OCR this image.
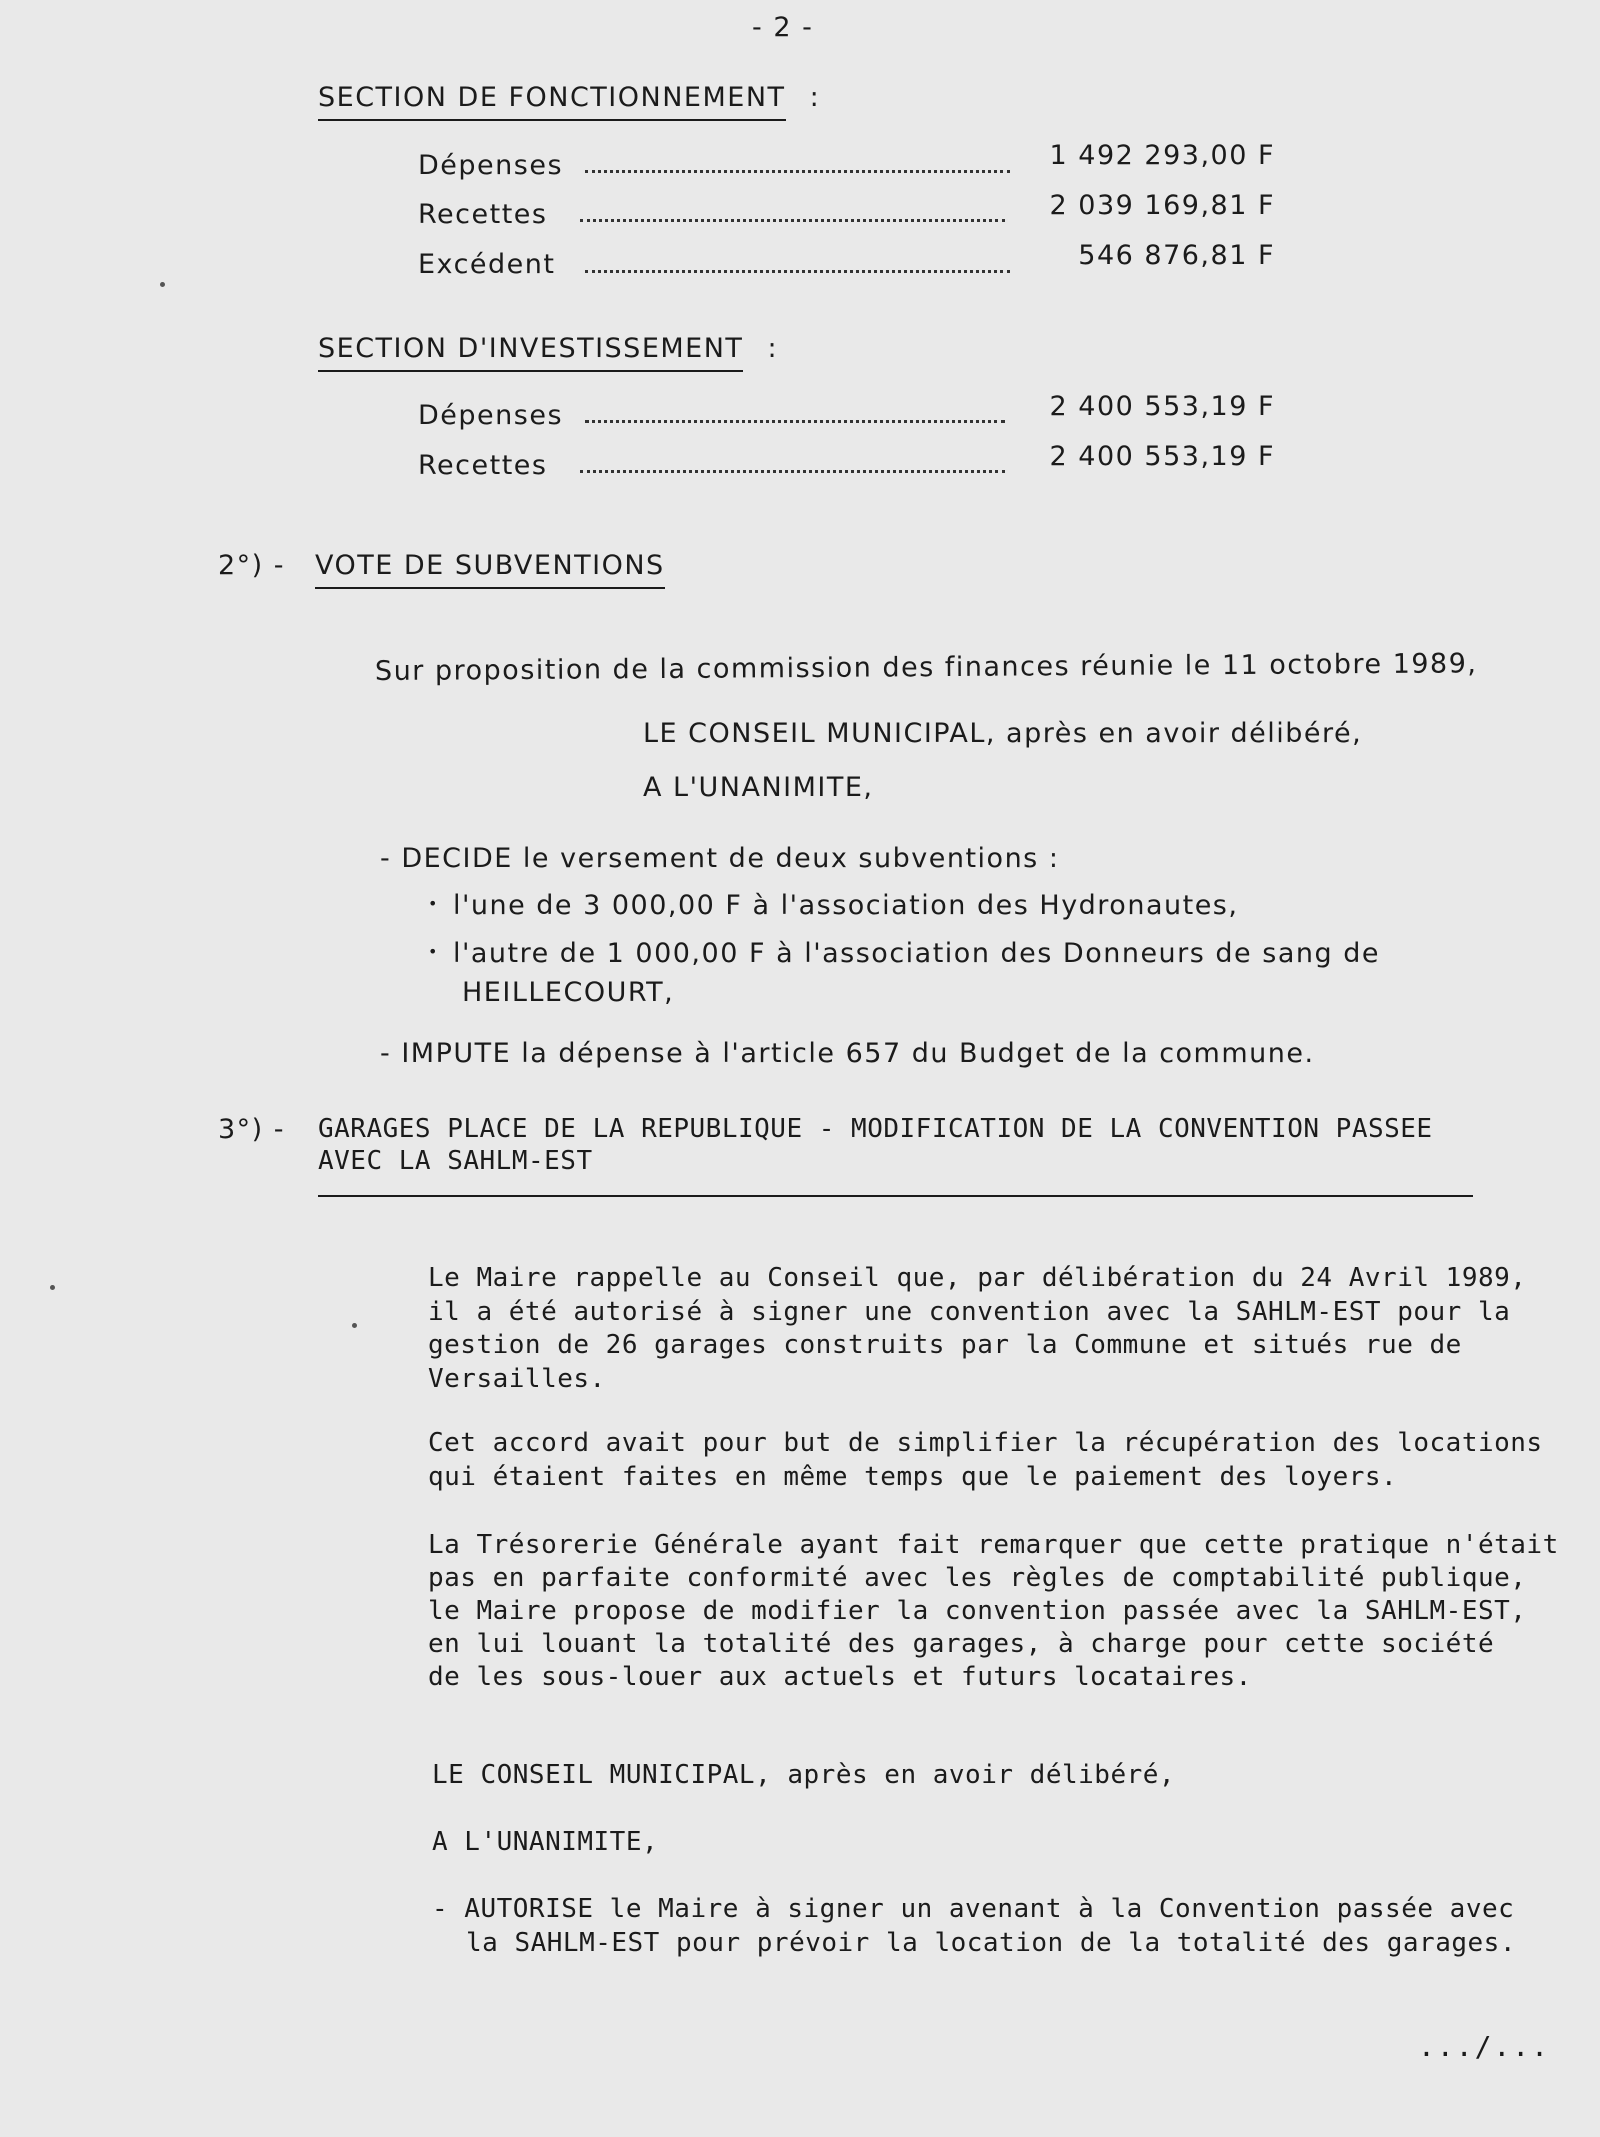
- 2 -
SECTION DE FONCTIONNEMENT :
Dépenses	1 492 293,00 F
Recettes	2 039 169,81 F
Excédent	546 876,81 F
SECTION D'INVESTISSEMENT :
Dépenses	2 400 553,19 F
Recettes	2 400 553,19 F
2°) - VOTE DE SUBVENTIONS
Sur proposition de la commission des finances réunie le 11 octobre 1989,
LE CONSEIL MUNICIPAL, après en avoir délibéré,
A L'UNANIMITE,
- DECIDE le versement de deux subventions :
• l'une de 3 000,00 F à l'association des Hydronautes,
• l'autre de 1 000,00 F à l'association des Donneurs de sang de
HEILLECOURT,
- IMPUTE la dépense à l'article 657 du Budget de la commune.
3°) - GARAGES PLACE DE LA REPUBLIQUE - MODIFICATION DE LA CONVENTION PASSEE
AVEC LA SAHLM-EST
Le Maire rappelle au Conseil que, par délibération du 24 Avril 1989,
il a été autorisé à signer une convention avec la SAHLM-EST pour la
gestion de 26 garages construits par la Commune et situés rue de
Versailles.
Cet accord avait pour but de simplifier la récupération des locations
qui étaient faites en même temps que le paiement des loyers.
La Trésorerie Générale ayant fait remarquer que cette pratique n'était
pas en parfaite conformité avec les règles de comptabilité publique,
le Maire propose de modifier la convention passée avec la SAHLM-EST,
en lui louant la totalité des garages, à charge pour cette société
de les sous-louer aux actuels et futurs locataires.
LE CONSEIL MUNICIPAL, après en avoir délibéré,
A L'UNANIMITE,
- AUTORISE le Maire à signer un avenant à la Convention passée avec
la SAHLM-EST pour prévoir la location de la totalité des garages.
.../...
